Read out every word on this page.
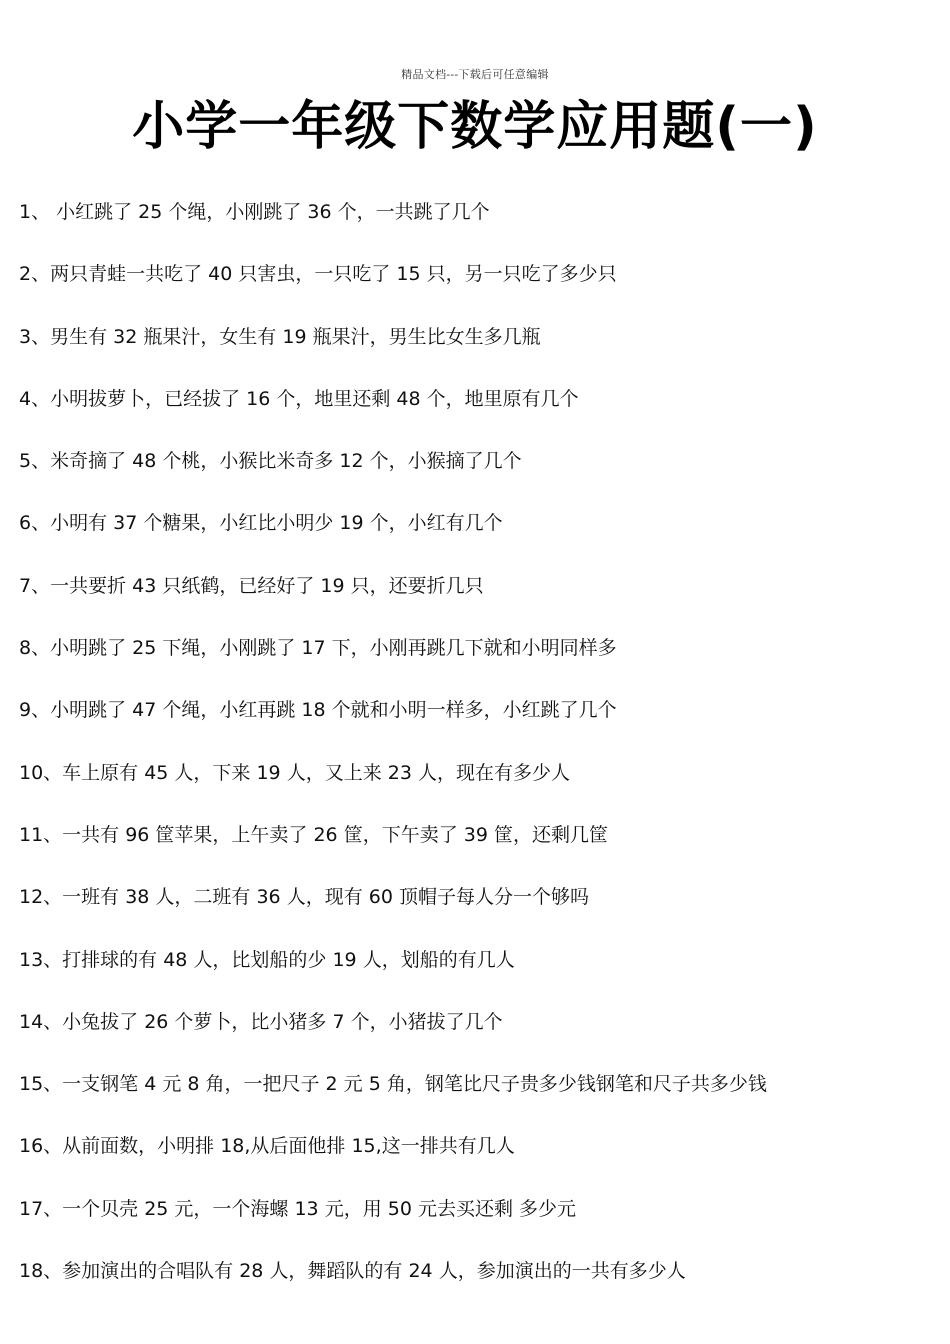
精品文档---下载后可任意编辑
小学一年级下数学应用题(一)
1、 小红跳了 25 个绳，小刚跳了 36 个，一共跳了几个
2、两只青蛙一共吃了 40 只害虫，一只吃了 15 只，另一只吃了多少只
3、男生有 32 瓶果汁，女生有 19 瓶果汁，男生比女生多几瓶
4、小明拔萝卜，已经拔了 16 个，地里还剩 48 个，地里原有几个
5、米奇摘了 48 个桃，小猴比米奇多 12 个，小猴摘了几个
6、小明有 37 个糖果，小红比小明少 19 个，小红有几个
7、一共要折 43 只纸鹤，已经好了 19 只，还要折几只
8、小明跳了 25 下绳，小刚跳了 17 下，小刚再跳几下就和小明同样多
9、小明跳了 47 个绳，小红再跳 18 个就和小明一样多，小红跳了几个
10、车上原有 45 人，下来 19 人，又上来 23 人，现在有多少人
11、一共有 96 筐苹果，上午卖了 26 筐，下午卖了 39 筐，还剩几筐
12、一班有 38 人，二班有 36 人，现有 60 顶帽子每人分一个够吗
13、打排球的有 48 人，比划船的少 19 人，划船的有几人
14、小兔拔了 26 个萝卜，比小猪多 7 个，小猪拔了几个
15、一支钢笔 4 元 8 角，一把尺子 2 元 5 角，钢笔比尺子贵多少钱钢笔和尺子共多少钱
16、从前面数，小明排 18,从后面他排 15,这一排共有几人
17、一个贝壳 25 元，一个海螺 13 元，用 50 元去买还剩 多少元
18、参加演出的合唱队有 28 人，舞蹈队的有 24 人，参加演出的一共有多少人
